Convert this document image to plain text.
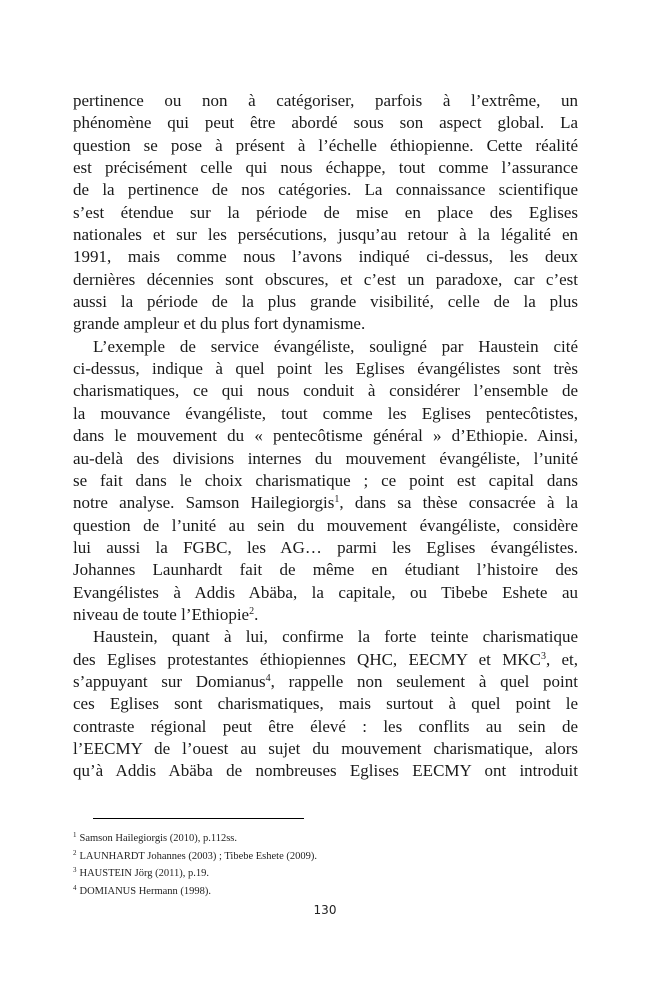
pertinence ou non à catégoriser, parfois à l’extrême, un
phénomène qui peut être abordé sous son aspect global. La
question se pose à présent à l’échelle éthiopienne. Cette réalité
est précisément celle qui nous échappe, tout comme l’assurance
de la pertinence de nos catégories. La connaissance scientifique
s’est étendue sur la période de mise en place des Eglises
nationales et sur les persécutions, jusqu’au retour à la légalité en
1991, mais comme nous l’avons indiqué ci-dessus, les deux
dernières décennies sont obscures, et c’est un paradoxe, car c’est
aussi la période de la plus grande visibilité, celle de la plus
grande ampleur et du plus fort dynamisme.
L’exemple de service évangéliste, souligné par Haustein cité
ci-dessus, indique à quel point les Eglises évangélistes sont très
charismatiques, ce qui nous conduit à considérer l’ensemble de
la mouvance évangéliste, tout comme les Eglises pentecôtistes,
dans le mouvement du « pentecôtisme général » d’Ethiopie. Ainsi,
au-delà des divisions internes du mouvement évangéliste, l’unité
se fait dans le choix charismatique ; ce point est capital dans
notre analyse. Samson Hailegiorgis$^1$, dans sa thèse consacrée à la
question de l’unité au sein du mouvement évangéliste, considère
lui aussi la FGBC, les AG… parmi les Eglises évangélistes.
Johannes Launhardt fait de même en étudiant l’histoire des
Evangélistes à Addis Abäba, la capitale, ou Tibebe Eshete au
niveau de toute l’Ethiopie$^2$.
Haustein, quant à lui, confirme la forte teinte charismatique
des Eglises protestantes éthiopiennes QHC, EECMY et MKC$^3$, et,
s’appuyant sur Domianus$^4$, rappelle non seulement à quel point
ces Eglises sont charismatiques, mais surtout à quel point le
contraste régional peut être élevé : les conflits au sein de
l’EECMY de l’ouest au sujet du mouvement charismatique, alors
qu’à Addis Abäba de nombreuses Eglises EECMY ont introduit
$^1$ Samson Hailegiorgis (2010), p.112ss.
$^2$ LAUNHARDT Johannes (2003) ; Tibebe Eshete (2009).
$^3$ HAUSTEIN Jörg (2011), p.19.
$^4$ DOMIANUS Hermann (1998).
130
